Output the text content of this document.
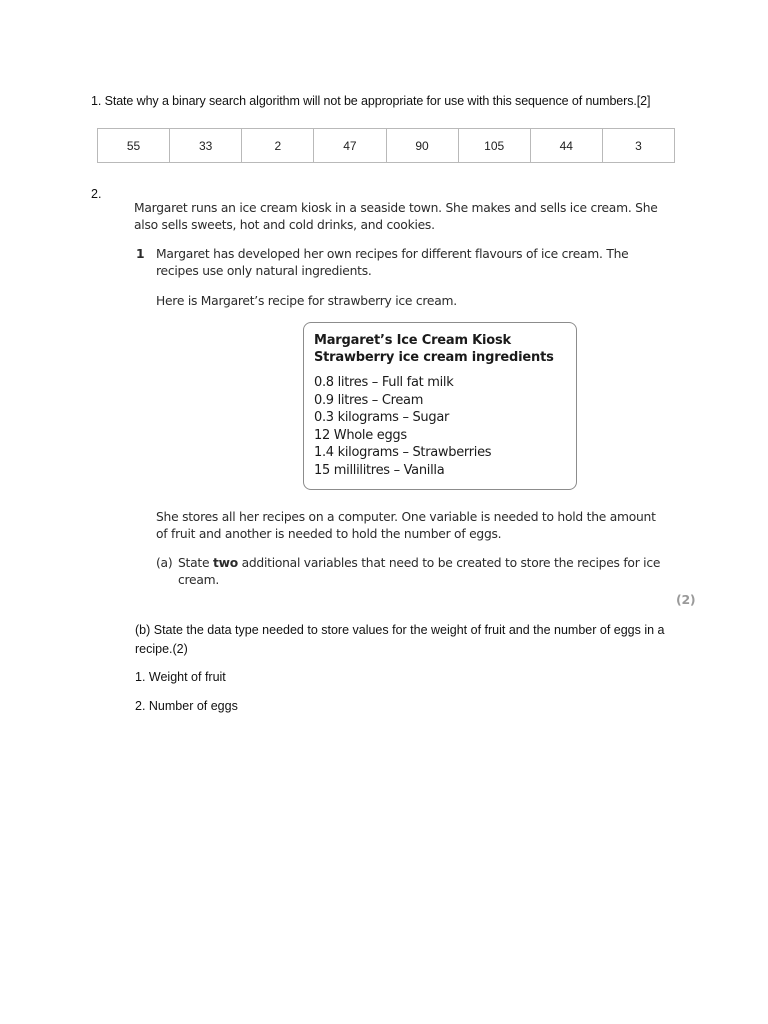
1. State why a binary search algorithm will not be appropriate for use with this sequence of numbers.[2]
55	33	2	47	90	105	44	3
2.
Margaret runs an ice cream kiosk in a seaside town. She makes and sells ice cream. She also sells sweets, hot and cold drinks, and cookies.
1 Margaret has developed her own recipes for different flavours of ice cream. The recipes use only natural ingredients.
Here is Margaret’s recipe for strawberry ice cream.
Margaret’s Ice Cream Kiosk
Strawberry ice cream ingredients
0.8 litres – Full fat milk
0.9 litres – Cream
0.3 kilograms – Sugar
12 Whole eggs
1.4 kilograms – Strawberries
15 millilitres – Vanilla
She stores all her recipes on a computer. One variable is needed to hold the amount of fruit and another is needed to hold the number of eggs.
(a) State two additional variables that need to be created to store the recipes for ice cream.
(2)
(b) State the data type needed to store values for the weight of fruit and the number of eggs in a recipe.(2)
1. Weight of fruit
2. Number of eggs
